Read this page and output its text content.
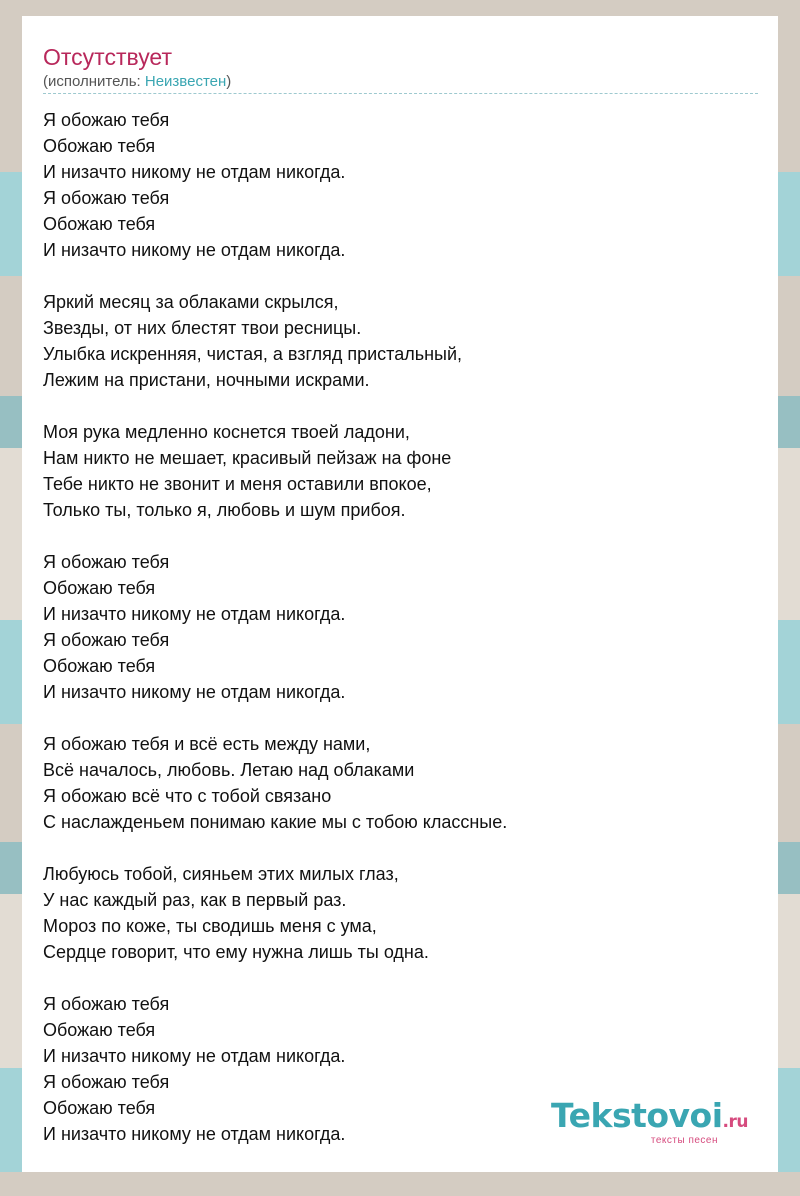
Отсутствует
(исполнитель: Неизвестен)
Я обожаю тебя
Обожаю тебя
И низачто никому не отдам никогда.
Я обожаю тебя
Обожаю тебя
И низачто никому не отдам никогда.
Яркий месяц за облаками скрылся,
Звезды, от них блестят твои ресницы.
Улыбка искренняя, чистая, а взгляд пристальный,
Лежим на пристани, ночными искрами.
Моя рука медленно коснется твоей ладони,
Нам никто не мешает, красивый пейзаж на фоне
Тебе никто не звонит и меня оставили впокое,
Только ты, только я, любовь и шум прибоя.
Я обожаю тебя
Обожаю тебя
И низачто никому не отдам никогда.
Я обожаю тебя
Обожаю тебя
И низачто никому не отдам никогда.
Я обожаю тебя и всё есть между нами,
Всё началось, любовь. Летаю над облаками
Я обожаю всё что с тобой связано
С наслажденьем понимаю какие мы с тобою классные.
Любуюсь тобой, сияньем этих милых глаз,
У нас каждый раз, как в первый раз.
Мороз по коже, ты сводишь меня с ума,
Сердце говорит, что ему нужна лишь ты одна.
Я обожаю тебя
Обожаю тебя
И низачто никому не отдам никогда.
Я обожаю тебя
Обожаю тебя
И низачто никому не отдам никогда.	Tekstovoi.ru
тексты песен
